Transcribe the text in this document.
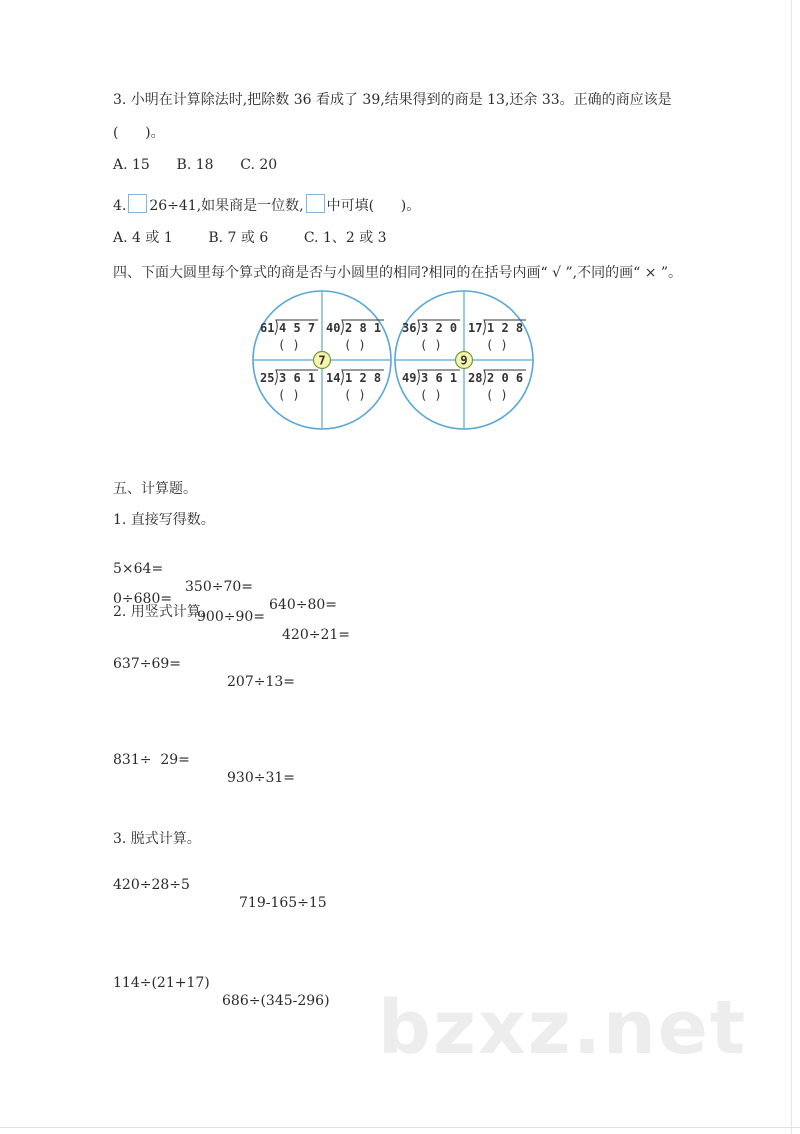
3. 小明在计算除法时,把除数 36 看成了 39,结果得到的商是 13,还余 33。正确的商应该是
(      )。
A. 15      B. 18      C. 20
4. 26÷41,如果商是一位数, 中可填(      )。
A. 4 或 1        B. 7 或 6        C. 1、2 或 3
四、下面大圆里每个算式的商是否与小圆里的相同?相同的在括号内画“ √ ”,不同的画“ × ”。
61 4 5 7
( )
40 2 8 1
( )
25 3 6 1
( )
14 1 2 8
( )
7
36 3 2 0
( )
17 1 2 8
( )
49 3 6 1
( )
28 2 0 6
( )
9
五、计算题。
1. 直接写得数。

5×64=

350÷70=

640÷80=

0÷680=

900÷90=

420÷21=

2. 用竖式计算。

637÷69=

207÷13=

831÷  29=

930÷31=

3. 脱式计算。

420÷28÷5

719-165÷15

114÷(21+17)

686÷(345-296) bzxz.net
